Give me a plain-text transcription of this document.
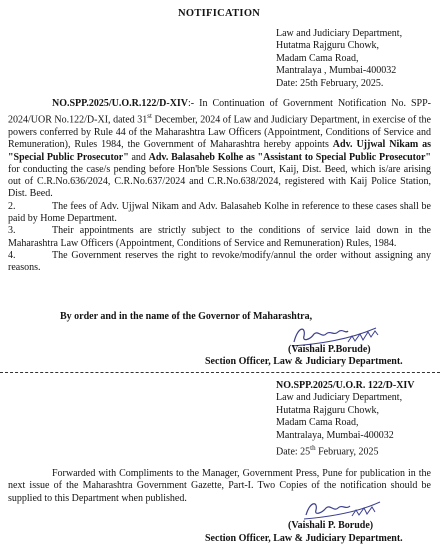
NOTIFICATION
Law and Judiciary Department,
Hutatma Rajguru Chowk,
Madam Cama Road,
Mantralaya , Mumbai-400032
Date: 25th February, 2025.

NO.SPP.2025/U.O.R.122/D-XIV:- In Continuation of Government Notification No. SPP-2024/UOR No.122/D-XI, dated 31st December, 2024 of Law and Judiciary Department, in exercise of the powers conferred by Rule 44 of the Maharashtra Law Officers (Appointment, Conditions of Service and Remuneration), Rules 1984, the Government of Maharashtra hereby appoints Adv. Ujjwal Nikam as "Special Public Prosecutor" and Adv. Balasaheb Kolhe as "Assistant to Special Public Prosecutor" for conducting the case/s pending before Hon'ble Sessions Court, Kaij, Dist. Beed, which is/are arising out of C.R.No.636/2024, C.R.No.637/2024 and C.R.No.638/2024, registered with Kaij Police Station, Dist. Beed.

2.	The fees of Adv. Ujjwal Nikam and Adv. Balasaheb Kolhe in reference to these cases shall be paid by Home Department.

3.	Their appointments are strictly subject to the conditions of service laid down in the Maharashtra Law Officers (Appointment, Conditions of Service and Remuneration) Rules, 1984.

4.	The Government reserves the right to revoke/modify/annul the order without assigning any reasons.

By order and in the name of the Governor of Maharashtra,
(Vaishali P.Borude)
Section Officer, Law & Judiciary Department.
NO.SPP.2025/U.O.R. 122/D-XIV
Law and Judiciary Department,
Hutatma Rajguru Chowk,
Madam Cama Road,
Mantralaya, Mumbai-400032
Date: 25th February, 2025
Forwarded with Compliments to the Manager, Government Press, Pune for publication in the next issue of the Maharashtra Government Gazette, Part-I. Two Copies of the notification should be supplied to this Department when published.
(Vaishali P. Borude)
Section Officer, Law & Judiciary Department.
